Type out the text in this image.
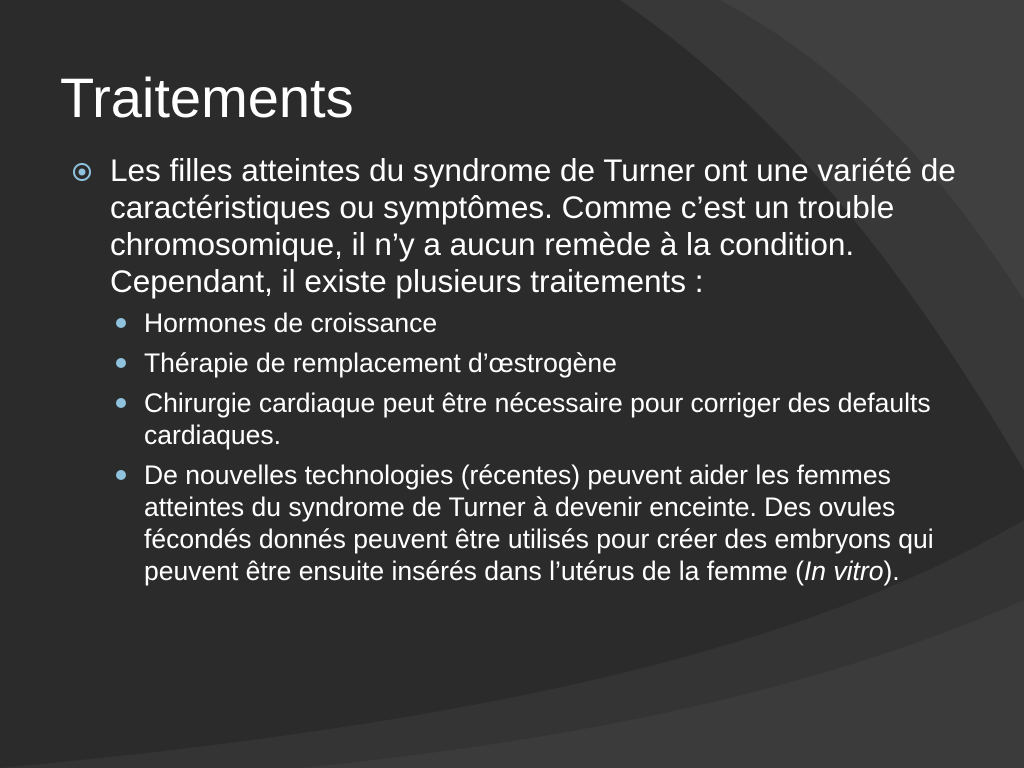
Traitements
Les filles atteintes du syndrome de Turner ont une variété de caractéristiques ou symptômes. Comme c’est un trouble chromosomique, il n’y a aucun remède à la condition. Cependant, il existe plusieurs traitements :
Hormones de croissance
Thérapie de remplacement d’œstrogène
Chirurgie cardiaque peut être nécessaire pour corriger des defaults cardiaques.
De nouvelles technologies (récentes) peuvent aider les femmes atteintes du syndrome de Turner à devenir enceinte. Des ovules fécondés donnés peuvent être utilisés pour créer des embryons qui peuvent être ensuite insérés dans l’utérus de la femme (In vitro).
